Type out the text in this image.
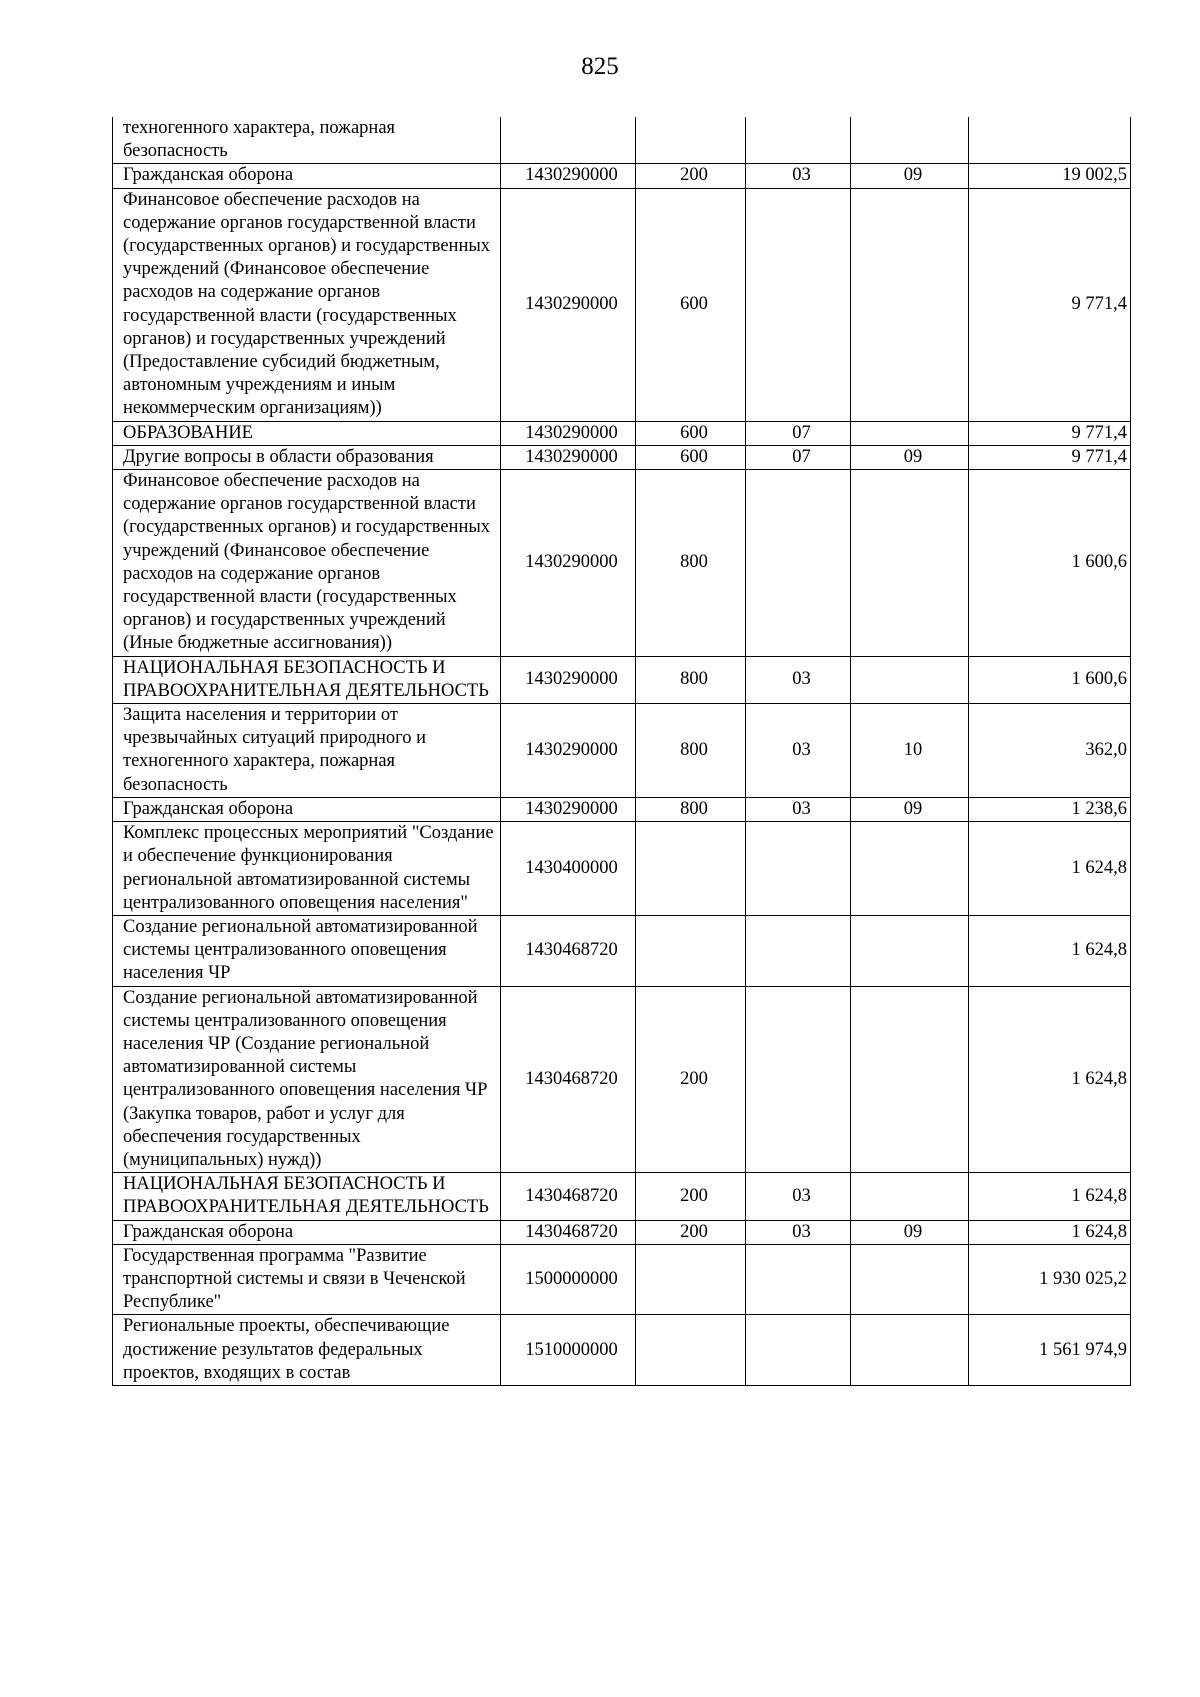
825
техногенного характера, пожарная безопасность					
Гражданская оборона	1430290000	200	03	09	19 002,5
Финансовое обеспечение расходов на содержание органов государственной власти (государственных органов) и государственных учреждений (Финансовое обеспечение расходов на содержание органов государственной власти (государственных органов) и государственных учреждений (Предоставление субсидий бюджетным, автономным учреждениям и иным некоммерческим организациям))	1430290000	600			9 771,4
ОБРАЗОВАНИЕ	1430290000	600	07		9 771,4
Другие вопросы в области образования	1430290000	600	07	09	9 771,4
Финансовое обеспечение расходов на содержание органов государственной власти (государственных органов) и государственных учреждений (Финансовое обеспечение расходов на содержание органов государственной власти (государственных органов) и государственных учреждений (Иные бюджетные ассигнования))	1430290000	800			1 600,6
НАЦИОНАЛЬНАЯ БЕЗОПАСНОСТЬ И ПРАВООХРАНИТЕЛЬНАЯ ДЕЯТЕЛЬНОСТЬ	1430290000	800	03		1 600,6
Защита населения и территории от чрезвычайных ситуаций природного и техногенного характера, пожарная безопасность	1430290000	800	03	10	362,0
Гражданская оборона	1430290000	800	03	09	1 238,6
Комплекс процессных мероприятий "Создание и обеспечение функционирования региональной автоматизированной системы централизованного оповещения населения"	1430400000				1 624,8
Создание региональной автоматизированной системы централизованного оповещения населения ЧР	1430468720				1 624,8
Создание региональной автоматизированной системы централизованного оповещения населения ЧР (Создание региональной автоматизированной системы централизованного оповещения населения ЧР (Закупка товаров, работ и услуг для обеспечения государственных (муниципальных) нужд))	1430468720	200			1 624,8
НАЦИОНАЛЬНАЯ БЕЗОПАСНОСТЬ И ПРАВООХРАНИТЕЛЬНАЯ ДЕЯТЕЛЬНОСТЬ	1430468720	200	03		1 624,8
Гражданская оборона	1430468720	200	03	09	1 624,8
Государственная программа "Развитие транспортной системы и связи в Чеченской Республике"	1500000000				1 930 025,2
Региональные проекты, обеспечивающие достижение результатов федеральных проектов, входящих в состав	1510000000				1 561 974,9
